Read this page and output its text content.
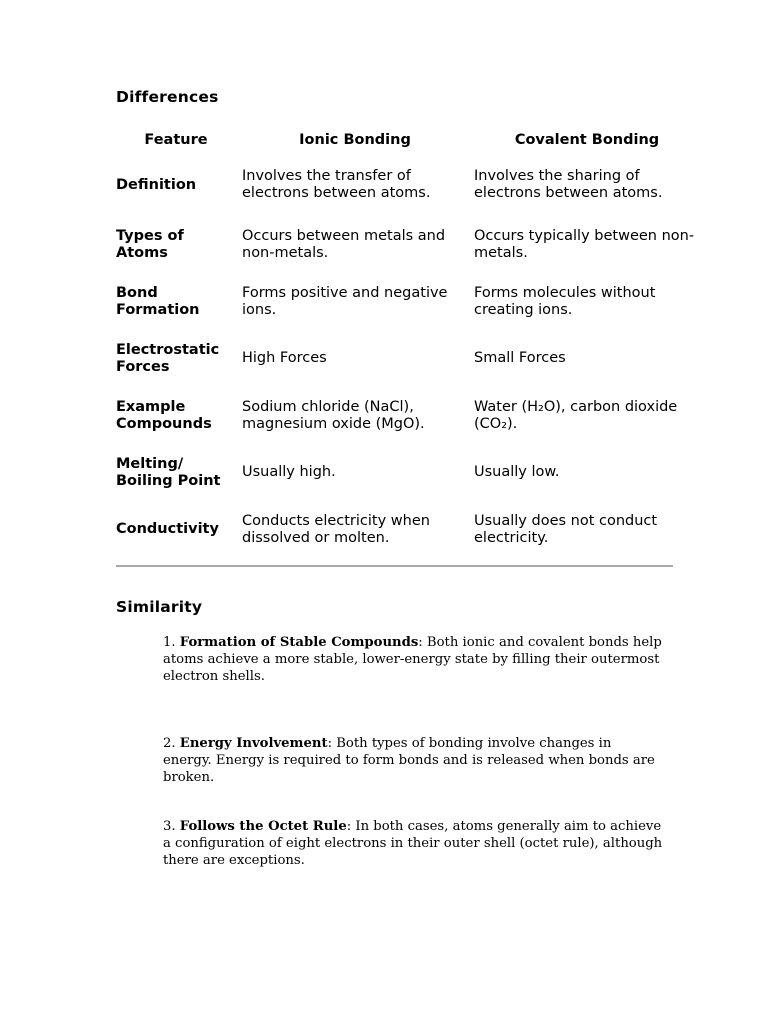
Differences
Feature	Ionic Bonding	Covalent Bonding
Definition	Involves the transfer of electrons between atoms.	Involves the sharing of electrons between atoms.
Types of Atoms	Occurs between metals and non-metals.	Occurs typically between non-metals.
Bond Formation	Forms positive and negative ions.	Forms molecules without creating ions.
Electrostatic Forces	High Forces	Small Forces
Example Compounds	Sodium chloride (NaCl), magnesium oxide (MgO).	Water (H₂O), carbon dioxide (CO₂).
Melting/ Boiling Point	Usually high.	Usually low.
Conductivity	Conducts electricity when dissolved or molten.	Usually does not conduct electricity.
Similarity
1. Formation of Stable Compounds: Both ionic and covalent bonds help atoms achieve a more stable, lower-energy state by filling their outermost electron shells.
2. Energy Involvement: Both types of bonding involve changes in energy. Energy is required to form bonds and is released when bonds are broken.
3. Follows the Octet Rule: In both cases, atoms generally aim to achieve a configuration of eight electrons in their outer shell (octet rule), although there are exceptions.
